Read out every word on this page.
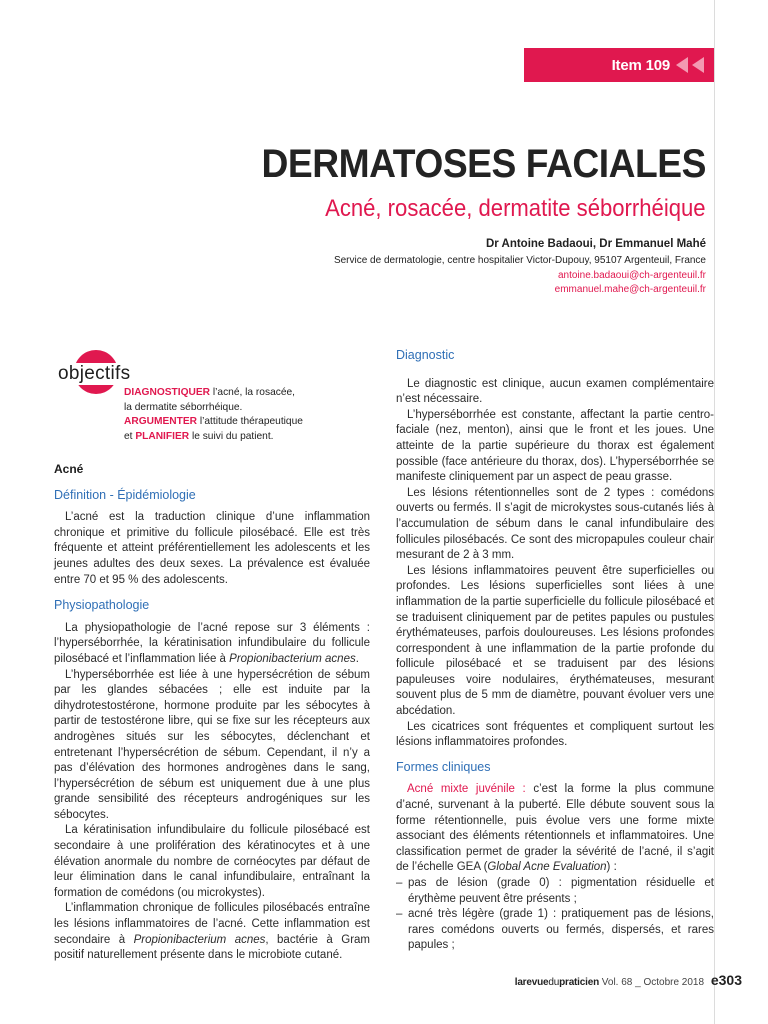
Item 109
DERMATOSES FACIALES
Acné, rosacée, dermatite séborrhéique
Dr Antoine Badaoui, Dr Emmanuel Mahé
Service de dermatologie, centre hospitalier Victor-Dupouy, 95107 Argenteuil, France
antoine.badaoui@ch-argenteuil.fr
emmanuel.mahe@ch-argenteuil.fr
objectifs
DIAGNOSTIQUER l’acné, la rosacée,
la dermatite séborrhéique.
ARGUMENTER l’attitude thérapeutique
et PLANIFIER le suivi du patient.
Acné
Définition - Épidémiologie

L’acné est la traduction clinique d’une inflammation chronique et primitive du follicule pilosébacé. Elle est très fréquente et atteint préférentiellement les adolescents et les jeunes adultes des deux sexes. La prévalence est évaluée entre 70 et 95 % des adolescents.

Physiopathologie

La physiopathologie de l’acné repose sur 3 éléments : l’hyperséborrhée, la kératinisation infundibulaire du follicule pilosébacé et l’inflammation liée à Propionibacterium acnes.

L’hyperséborrhée est liée à une hypersécrétion de sébum par les glandes sébacées ; elle est induite par la dihydrotestostérone, hormone produite par les sébocytes à partir de testostérone libre, qui se fixe sur les récepteurs aux androgènes situés sur les sébocytes, déclenchant et entretenant l’hypersécrétion de sébum. Cependant, il n’y a pas d’élévation des hormones androgènes dans le sang, l’hypersécrétion de sébum est uniquement due à une plus grande sensibilité des récepteurs androgéniques sur les sébocytes.

La kératinisation infundibulaire du follicule pilosébacé est secondaire à une prolifération des kératinocytes et à une élévation anormale du nombre de cornéocytes par défaut de leur élimination dans le canal infundibulaire, entraînant la formation de comédons (ou microkystes).

L’inflammation chronique de follicules pilosébacés entraîne les lésions inflammatoires de l’acné. Cette inflammation est secondaire à Propionibacterium acnes, bactérie à Gram positif naturellement présente dans le microbiote cutané.

Diagnostic

Le diagnostic est clinique, aucun examen complémentaire n’est nécessaire.

L’hyperséborrhée est constante, affectant la partie centro-faciale (nez, menton), ainsi que le front et les joues. Une atteinte de la partie supérieure du thorax est également possible (face antérieure du thorax, dos). L’hyperséborrhée se manifeste cliniquement par un aspect de peau grasse.

Les lésions rétentionnelles sont de 2 types : comédons ouverts ou fermés. Il s’agit de microkystes sous-cutanés liés à l’accumulation de sébum dans le canal infundibulaire des follicules pilosébacés. Ce sont des micropapules couleur chair mesurant de 2 à 3 mm.

Les lésions inflammatoires peuvent être superficielles ou profondes. Les lésions superficielles sont liées à une inflammation de la partie superficielle du follicule pilosébacé et se traduisent cliniquement par de petites papules ou pustules érythémateuses, parfois douloureuses. Les lésions profondes correspondent à une inflammation de la partie profonde du follicule pilosébacé et se traduisent par des lésions papuleuses voire nodulaires, érythémateuses, mesurant souvent plus de 5 mm de diamètre, pouvant évoluer vers une abcédation.

Les cicatrices sont fréquentes et compliquent surtout les lésions inflammatoires profondes.

Formes cliniques

Acné mixte juvénile : c’est la forme la plus commune d’acné, survenant à la puberté. Elle débute souvent sous la forme rétentionnelle, puis évolue vers une forme mixte associant des éléments rétentionnels et inflammatoires. Une classification permet de grader la sévérité de l’acné, il s’agit de l’échelle GEA (Global Acne Evaluation) :

– pas de lésion (grade 0) : pigmentation résiduelle et érythème peuvent être présents ;

– acné très légère (grade 1) : pratiquement pas de lésions, rares comédons ouverts ou fermés, dispersés, et rares papules ;

larevuedupraticien Vol. 68 _ Octobre 2018 e303
